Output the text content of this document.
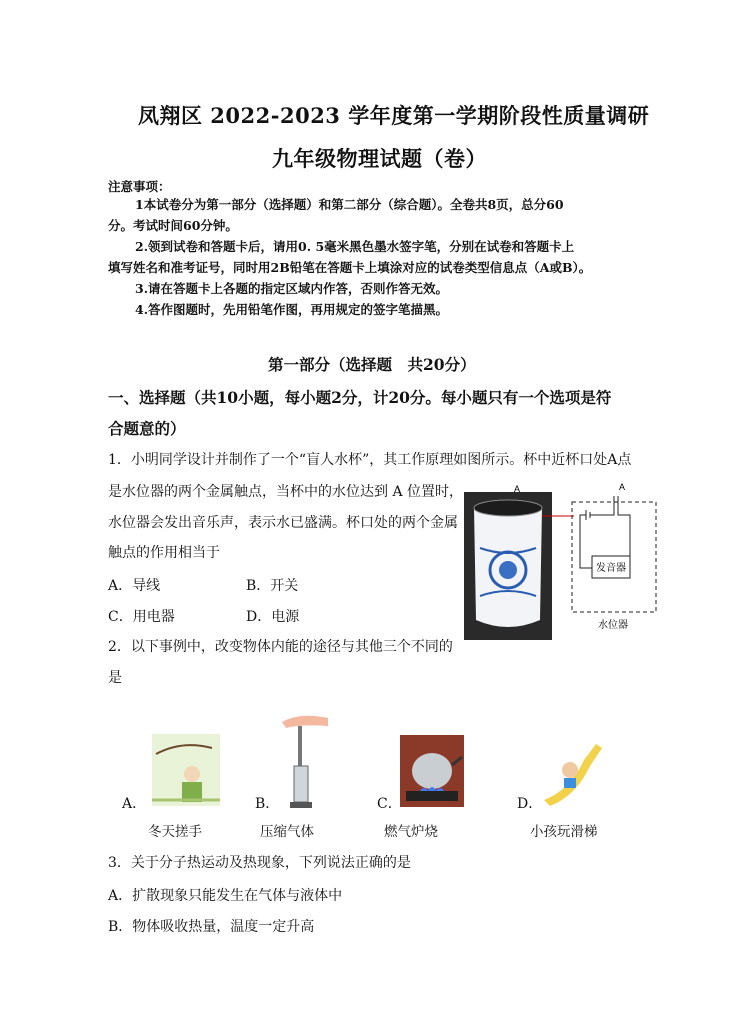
凤翔区 2022-2023 学年度第一学期阶段性质量调研
九年级物理试题（卷）
注意事项：
1本试卷分为第一部分（选择题）和第二部分（综合题）。全卷共8页，总分60
分。考试时间60分钟。
2.领到试卷和答题卡后，请用0. 5毫米黑色墨水签字笔，分别在试卷和答题卡上
填写姓名和准考证号，同时用2B铅笔在答题卡上填涂对应的试卷类型信息点（A或B）。
3.请在答题卡上各题的指定区域内作答，否则作答无效。
4.答作图题时，先用铅笔作图，再用规定的签字笔描黑。
第一部分（选择题　共20分）
一、选择题（共10小题，每小题2分，计20分。每小题只有一个选项是符
合题意的）
1．小明同学设计并制作了一个“盲人水杯”，其工作原理如图所示。杯中近杯口处A点
是水位器的两个金属触点，当杯中的水位达到 A 位置时，
水位器会发出音乐声，表示水已盛满。杯口处的两个金属
触点的作用相当于
A．导线	B．开关
C．用电器	D．电源
A	A
发音器
水位器
2．以下事例中，改变物体内能的途径与其他三个不同的
是
A．	B．	C．	D．
冬天搓手	压缩气体	燃气炉烧	小孩玩滑梯
3．关于分子热运动及热现象，下列说法正确的是
A．扩散现象只能发生在气体与液体中
B．物体吸收热量，温度一定升高
